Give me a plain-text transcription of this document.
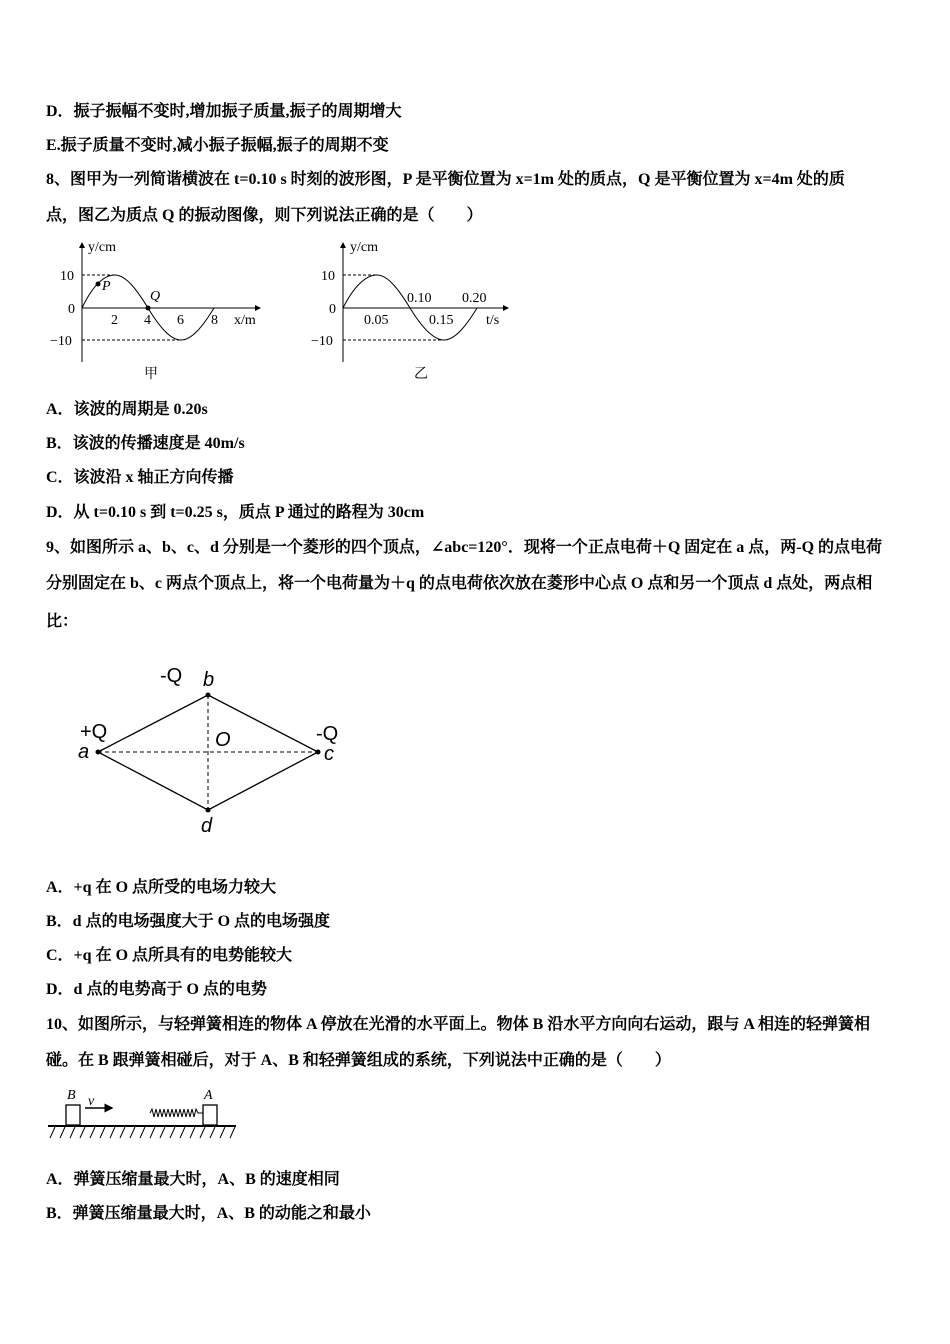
D．振子振幅不变时,增加振子质量,振子的周期增大
E.振子质量不变时,减小振子振幅,振子的周期不变
8、图甲为一列简谐横波在 t=0.10 s 时刻的波形图，P 是平衡位置为 x=1m 处的质点，Q 是平衡位置为 x=4m 处的质
点，图乙为质点 Q 的振动图像，则下列说法正确的是（　　）
y/cm
x/m
10
0
−10
2 4 6 8
P
Q
甲
y/cm
t/s
10
0
−10
0.05	0.15
0.10 0.20
乙
+Q
-Q
-Q
a
b
c
d
O
B	A
v
A．该波的周期是 0.20s
B．该波的传播速度是 40m/s
C．该波沿 x 轴正方向传播
D．从 t=0.10 s 到 t=0.25 s，质点 P 通过的路程为 30cm
9、如图所示 a、b、c、d 分别是一个菱形的四个顶点，∠abc=120°．现将一个正点电荷＋Q 固定在 a 点，两-Q 的点电荷
分别固定在 b、c 两点个顶点上，将一个电荷量为＋q 的点电荷依次放在菱形中心点 O 点和另一个顶点 d 点处，两点相
比：
A．+q 在 O 点所受的电场力较大
B．d 点的电场强度大于 O 点的电场强度
C．+q 在 O 点所具有的电势能较大
D．d 点的电势高于 O 点的电势
10、如图所示，与轻弹簧相连的物体 A 停放在光滑的水平面上。物体 B 沿水平方向向右运动，跟与 A 相连的轻弹簧相
碰。在 B 跟弹簧相碰后，对于 A、B 和轻弹簧组成的系统，下列说法中正确的是（　　）
A．弹簧压缩量最大时，A、B 的速度相同
B．弹簧压缩量最大时，A、B 的动能之和最小
